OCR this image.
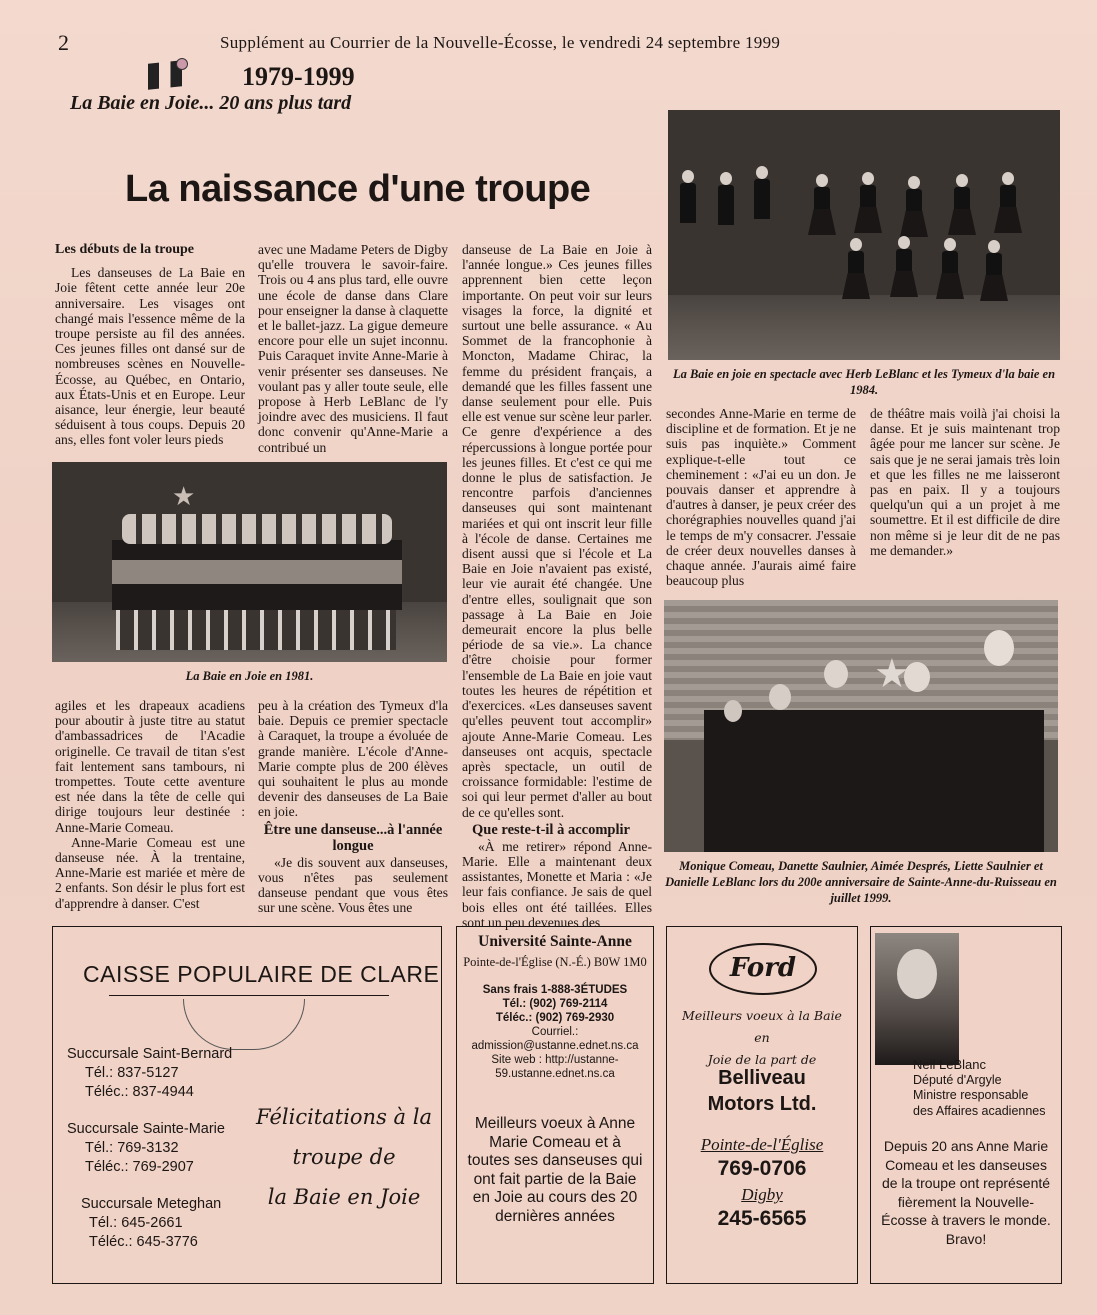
2	Supplément au Courrier de la Nouvelle-Écosse, le vendredi 24 septembre 1999
1979-1999
La Baie en Joie... 20 ans plus tard
La naissance d'une troupe

Les débuts de la troupe

Les danseuses de La Baie en Joie fêtent cette année leur 20e anniversaire. Les visages ont changé mais l'essence même de la troupe persiste au fil des années. Ces jeunes filles ont dansé sur de nombreuses scènes en Nouvelle-Écosse, au Québec, en Ontario, aux États-Unis et en Europe. Leur aisance, leur énergie, leur beauté séduisent à tous coups. Depuis 20 ans, elles font voler leurs pieds

avec une Madame Peters de Digby qu'elle trouvera le savoir-faire. Trois ou 4 ans plus tard, elle ouvre une école de danse dans Clare pour enseigner la danse à claquette et le ballet-jazz. La gigue demeure encore pour elle un sujet inconnu. Puis Caraquet invite Anne-Marie à venir présenter ses danseuses. Ne voulant pas y aller toute seule, elle propose à Herb LeBlanc de l'y joindre avec des musiciens. Il faut donc convenir qu'Anne-Marie a contribué un

danseuse de La Baie en Joie à l'année longue.» Ces jeunes filles apprennent bien cette leçon importante. On peut voir sur leurs visages la force, la dignité et surtout une belle assurance. « Au Sommet de la francophonie à Moncton, Madame Chirac, la femme du président français, a demandé que les filles fassent une danse seulement pour elle. Puis elle est venue sur scène leur parler. Ce genre d'expérience a des répercussions à longue portée pour les jeunes filles. Et c'est ce qui me donne le plus de satisfaction. Je rencontre parfois d'anciennes danseuses qui sont maintenant mariées et qui ont inscrit leur fille à l'école de danse. Certaines me disent aussi que si l'école et La Baie en Joie n'avaient pas existé, leur vie aurait été changée. Une d'entre elles, soulignait que son passage à La Baie en Joie demeurait encore la plus belle période de sa vie.». La chance d'être choisie pour former l'ensemble de La Baie en joie vaut toutes les heures de répétition et d'exercices. «Les danseuses savent qu'elles peuvent tout accomplir» ajoute Anne-Marie Comeau. Les danseuses ont acquis, spectacle après spectacle, un outil de croissance formidable: l'estime de soi qui leur permet d'aller au bout de ce qu'elles sont.

Que reste-t-il à accomplir

«À me retirer» répond Anne-Marie. Elle a maintenant deux assistantes, Monette et Maria : «Je leur fais confiance. Je sais de quel bois elles ont été taillées. Elles sont un peu devenues des

★
La Baie en Joie en 1981.

agiles et les drapeaux acadiens pour aboutir à juste titre au statut d'ambassadrices de l'Acadie originelle. Ce travail de titan s'est fait lentement sans tambours, ni trompettes. Toute cette aventure est née dans la tête de celle qui dirige toujours leur destinée : Anne-Marie Comeau.

Anne-Marie Comeau est une danseuse née. À la trentaine, Anne-Marie est mariée et mère de 2 enfants. Son désir le plus fort est d'apprendre à danser. C'est

peu à la création des Tymeux d'la baie. Depuis ce premier spectacle à Caraquet, la troupe a évoluée de grande manière. L'école d'Anne-Marie compte plus de 200 élèves qui souhaitent le plus au monde devenir des danseuses de La Baie en joie.

Être une danseuse...à l'année longue

«Je dis souvent aux danseuses, vous n'êtes pas seulement danseuse pendant que vous êtes sur une scène. Vous êtes une

La Baie en joie en spectacle avec Herb LeBlanc et les Tymeux d'la baie en 1984.

secondes Anne-Marie en terme de discipline et de formation. Et je ne suis pas inquiète.» Comment explique-t-elle tout ce cheminement : «J'ai eu un don. Je pouvais danser et apprendre à d'autres à danser, je peux créer des chorégraphies nouvelles quand j'ai le temps de m'y consacrer. J'essaie de créer deux nouvelles danses à chaque année. J'aurais aimé faire beaucoup plus

de théâtre mais voilà j'ai choisi la danse. Et je suis maintenant trop âgée pour me lancer sur scène. Je sais que je ne serai jamais très loin et que les filles ne me laisseront pas en paix. Il y a toujours quelqu'un qui a un projet à me soumettre. Et il est difficile de dire non même si je leur dit de ne pas me demander.»

★
Monique Comeau, Danette Saulnier, Aimée Després, Liette Saulnier et Danielle LeBlanc lors du 200e anniversaire de Sainte-Anne-du-Ruisseau en juillet 1999.
CAISSE POPULAIRE DE CLARE
Succursale Saint-Bernard
Tél.: 837-5127
Téléc.: 837-4944
Succursale Sainte-Marie
Tél.: 769-3132
Téléc.: 769-2907
Succursale Meteghan
Tél.: 645-2661
Téléc.: 645-3776
Félicitations à la
troupe de
la Baie en Joie
Université Sainte-Anne
Pointe-de-l'Église (N.-É.) B0W 1M0
Sans frais 1-888-3ÉTUDES
Tél.: (902) 769-2114
Téléc.: (902) 769-2930
Courriel.:
admission@ustanne.ednet.ns.ca
Site web : http://ustanne-
59.ustanne.ednet.ns.ca
Meilleurs voeux à Anne Marie Comeau et à toutes ses danseuses qui ont fait partie de la Baie en Joie au cours des 20 dernières années
Ford
Meilleurs voeux à la Baie en
Joie de la part de
Belliveau
Motors Ltd.
Pointe-de-l'Église
769-0706
Digby
245-6565
Neil LeBlanc
Député d'Argyle
Ministre responsable
des Affaires acadiennes
Depuis 20 ans Anne Marie Comeau et les danseuses de la troupe ont représenté fièrement la Nouvelle-Écosse à travers le monde. Bravo!
